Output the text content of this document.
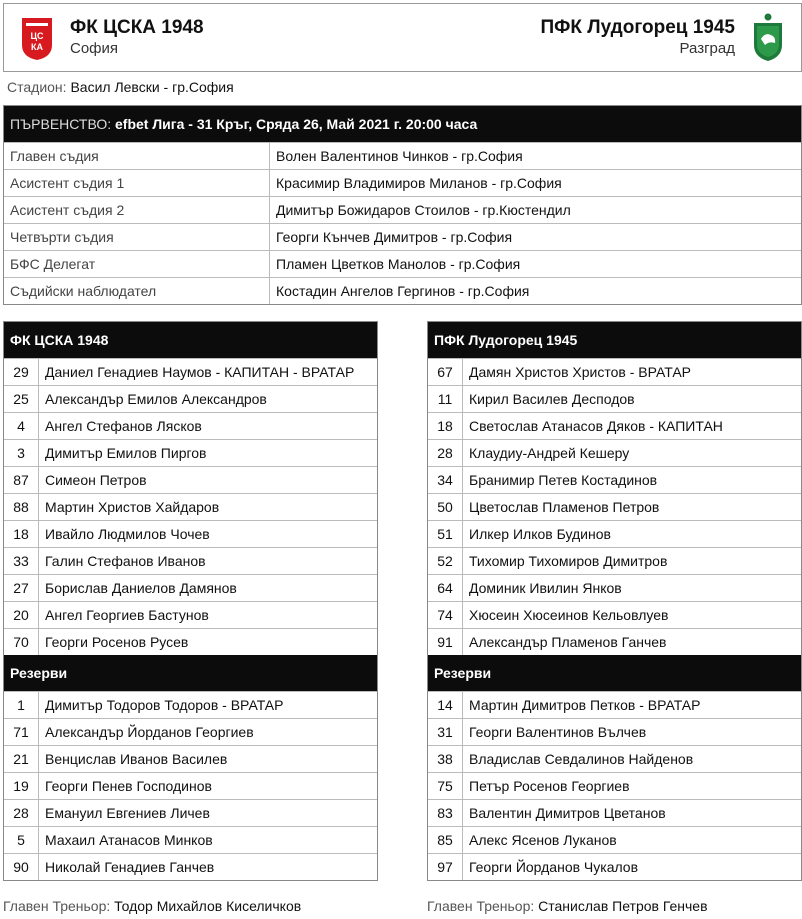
ЦС
КА
ФК ЦСКА 1948
София
ПФК Лудогорец 1945
Разград
Стадион: Васил Левски - гр.София
ПЪРВЕНСТВО:
efbet Лига - 31 Кръг, Сряда 26, Май 2021 г. 20:00 часа
Главен съдия	Волен Валентинов Чинков - гр.София
Асистент съдия 1	Красимир Владимиров Миланов - гр.София
Асистент съдия 2	Димитър Божидаров Стоилов - гр.Кюстендил
Четвърти съдия	Георги Кънчев Димитров - гр.София
БФС Делегат	Пламен Цветков Манолов - гр.София
Съдийски наблюдател	Костадин Ангелов Гергинов - гр.София
ФК ЦСКА 1948
29	Даниел Генадиев Наумов - КАПИТАН - ВРАТАР
25	Александър Емилов Александров
4	Ангел Стефанов Лясков
3	Димитър Емилов Пиргов
87	Симеон Петров
88	Мартин Христов Хайдаров
18	Ивайло Людмилов Чочев
33	Галин Стефанов Иванов
27	Борислав Даниелов Дамянов
20	Ангел Георгиев Бастунов
70	Георги Росенов Русев
Резерви
1	Димитър Тодоров Тодоров - ВРАТАР
71	Александър Йорданов Георгиев
21	Венцислав Иванов Василев
19	Георги Пенев Господинов
28	Емануил Евгениев Личев
5	Махаил Атанасов Минков
90	Николай Генадиев Ганчев
ПФК Лудогорец 1945
67	Дамян Христов Христов - ВРАТАР
11	Кирил Василев Десподов
18	Светослав Атанасов Дяков - КАПИТАН
28	Клаудиу-Андрей Кешеру
34	Бранимир Петев Костадинов
50	Цветослав Пламенов Петров
51	Илкер Илков Будинов
52	Тихомир Тихомиров Димитров
64	Доминик Ивилин Янков
74	Хюсеин Хюсеинов Кельовлуев
91	Александър Пламенов Ганчев
Резерви
14	Мартин Димитров Петков - ВРАТАР
31	Георги Валентинов Вълчев
38	Владислав Севдалинов Найденов
75	Петър Росенов Георгиев
83	Валентин Димитров Цветанов
85	Алекс Ясенов Луканов
97	Георги Йорданов Чукалов
Главен Треньор: Тодор Михайлов Киселичков	Главен Треньор: Станислав Петров Генчев
